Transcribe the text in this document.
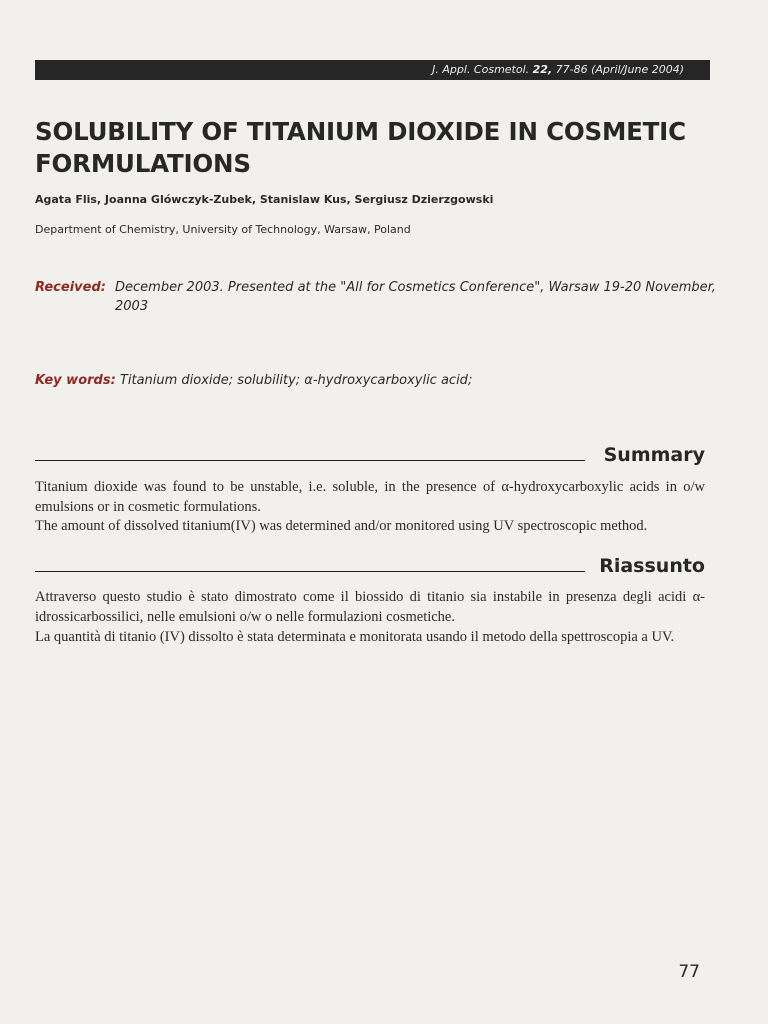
J. Appl. Cosmetol. 22, 77-86 (April/June 2004)
SOLUBILITY OF TITANIUM DIOXIDE IN COSMETIC FORMULATIONS
Agata Flis, Joanna Glówczyk-Zubek, Stanislaw Kus, Sergiusz Dzierzgowski
Department of Chemistry, University of Technology, Warsaw, Poland
Received: December 2003. Presented at the "All for Cosmetics Conference", Warsaw 19-20 November, 2003
Key words: Titanium dioxide; solubility; α-hydroxycarboxylic acid;
Summary

Titanium dioxide was found to be unstable, i.e. soluble, in the presence of α-hydroxycarboxylic acids in o/w emulsions or in cosmetic formulations.

The amount of dissolved titanium(IV) was determined and/or monitored using UV spectroscopic method.

Riassunto

Attraverso questo studio è stato dimostrato come il biossido di titanio sia instabile in presenza degli acidi α-idrossicarbossilici, nelle emulsioni o/w o nelle formulazioni cosmetiche.

La quantità di titanio (IV) dissolto è stata determinata e monitorata usando il metodo della spettroscopia a UV.

77
